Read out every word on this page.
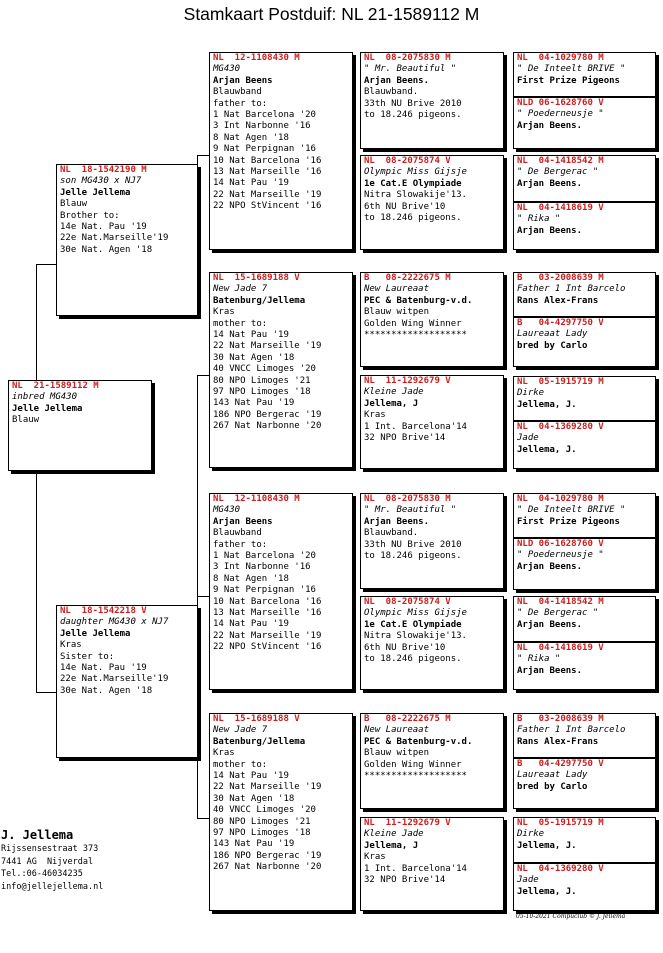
Stamkaart Postduif: NL 21-1589112 M
NL  21-1589112 M
inbred MG430
Jelle Jellema
Blauw
NL  18-1542190 M
son MG430 x NJ7
Jelle Jellema
Blauw
Brother to:
14e Nat. Pau '19
22e Nat.Marseille'19
30e Nat. Agen '18
NL  18-1542218 V
daughter MG430 x NJ7
Jelle Jellema
Kras
Sister to:
14e Nat. Pau '19
22e Nat.Marseille'19
30e Nat. Agen '18
NL  12-1108430 M
MG430
Arjan Beens
Blauwband
father to:
1 Nat Barcelona '20
3 Int Narbonne '16
8 Nat Agen '18
9 Nat Perpignan '16
10 Nat Barcelona '16
13 Nat Marseille '16
14 Nat Pau '19
22 Nat Marseille '19
22 NPO StVincent '16
NL  15-1689188 V
New Jade 7
Batenburg/Jellema
Kras
mother to:
14 Nat Pau '19
22 Nat Marseille '19
30 Nat Agen '18
40 VNCC Limoges '20
80 NPO Limoges '21
97 NPO Limoges '18
143 Nat Pau '19
186 NPO Bergerac '19
267 Nat Narbonne '20
NL  12-1108430 M
MG430
Arjan Beens
Blauwband
father to:
1 Nat Barcelona '20
3 Int Narbonne '16
8 Nat Agen '18
9 Nat Perpignan '16
10 Nat Barcelona '16
13 Nat Marseille '16
14 Nat Pau '19
22 Nat Marseille '19
22 NPO StVincent '16
NL  15-1689188 V
New Jade 7
Batenburg/Jellema
Kras
mother to:
14 Nat Pau '19
22 Nat Marseille '19
30 Nat Agen '18
40 VNCC Limoges '20
80 NPO Limoges '21
97 NPO Limoges '18
143 Nat Pau '19
186 NPO Bergerac '19
267 Nat Narbonne '20
NL  08-2075830 M
" Mr. Beautiful "
Arjan Beens.
Blauwband.
33th NU Brive 2010
to 18.246 pigeons.
NL  08-2075874 V
Olympic Miss Gijsje
1e Cat.E Olympiade
Nitra Slowakije'13.
6th NU Brive'10
to 18.246 pigeons.
B   08-2222675 M
New Laureaat
PEC & Batenburg-v.d.
Blauw witpen
Golden Wing Winner
*******************
NL  11-1292679 V
Kleine Jade
Jellema, J
Kras
1 Int. Barcelona'14
32 NPO Brive'14
NL  08-2075830 M
" Mr. Beautiful "
Arjan Beens.
Blauwband.
33th NU Brive 2010
to 18.246 pigeons.
NL  08-2075874 V
Olympic Miss Gijsje
1e Cat.E Olympiade
Nitra Slowakije'13.
6th NU Brive'10
to 18.246 pigeons.
B   08-2222675 M
New Laureaat
PEC & Batenburg-v.d.
Blauw witpen
Golden Wing Winner
*******************
NL  11-1292679 V
Kleine Jade
Jellema, J
Kras
1 Int. Barcelona'14
32 NPO Brive'14
NL  04-1029780 M
" De Inteelt BRIVE "
First Prize Pigeons
NLD 06-1628760 V
" Poederneusje "
Arjan Beens.
NL  04-1418542 M
" De Bergerac "
Arjan Beens.
NL  04-1418619 V
" Rika "
Arjan Beens.
B   03-2008639 M
Father 1 Int Barcelo
Rans Alex-Frans
B   04-4297750 V
Laureaat Lady
bred by Carlo
NL  05-1915719 M
Dirke
Jellema, J.
NL  04-1369280 V
Jade
Jellema, J.
NL  04-1029780 M
" De Inteelt BRIVE "
First Prize Pigeons
NLD 06-1628760 V
" Poederneusje "
Arjan Beens.
NL  04-1418542 M
" De Bergerac "
Arjan Beens.
NL  04-1418619 V
" Rika "
Arjan Beens.
B   03-2008639 M
Father 1 Int Barcelo
Rans Alex-Frans
B   04-4297750 V
Laureaat Lady
bred by Carlo
NL  05-1915719 M
Dirke
Jellema, J.
NL  04-1369280 V
Jade
Jellema, J.
J. Jellema
Rijssensestraat 373
7441 AG  Nijverdal
Tel.:06-46034235
info@jellejellema.nl
05-10-2021 Compuclub © J. Jellema
